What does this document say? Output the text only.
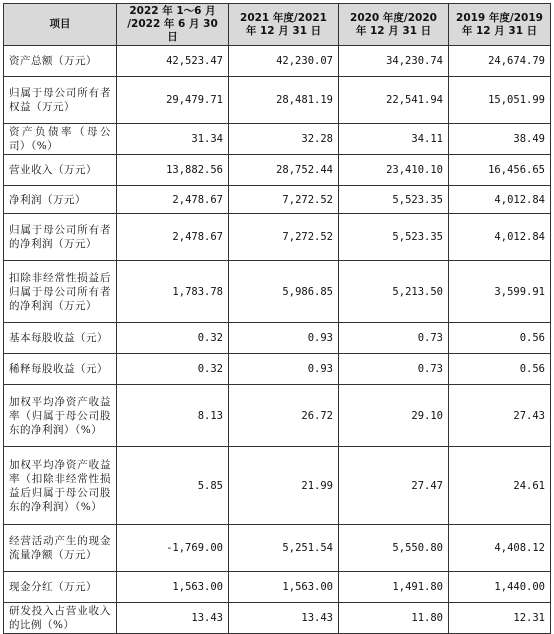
项目	2022 年 1～6 月 /2022 年 6 月 30 日	2021 年度/2021 年 12 月 31 日	2020 年度/2020 年 12 月 31 日	2019 年度/2019 年 12 月 31 日
资产总额（万元）	42,523.47	42,230.07	34,230.74	24,674.79
归属于母公司所有者权益（万元）	29,479.71	28,481.19	22,541.94	15,051.99
资产负债率（母公司）（%）	31.34	32.28	34.11	38.49
营业收入（万元）	13,882.56	28,752.44	23,410.10	16,456.65
净利润（万元）	2,478.67	7,272.52	5,523.35	4,012.84
归属于母公司所有者的净利润（万元）	2,478.67	7,272.52	5,523.35	4,012.84
扣除非经常性损益后归属于母公司所有者的净利润（万元）	1,783.78	5,986.85	5,213.50	3,599.91
基本每股收益（元）	0.32	0.93	0.73	0.56
稀释每股收益（元）	0.32	0.93	0.73	0.56
加权平均净资产收益率（归属于母公司股东的净利润）（%）	8.13	26.72	29.10	27.43
加权平均净资产收益率（扣除非经常性损益后归属于母公司股东的净利润）（%）	5.85	21.99	27.47	24.61
经营活动产生的现金流量净额（万元）	-1,769.00	5,251.54	5,550.80	4,408.12
现金分红（万元）	1,563.00	1,563.00	1,491.80	1,440.00
研发投入占营业收入的比例（%）	13.43	13.43	11.80	12.31
